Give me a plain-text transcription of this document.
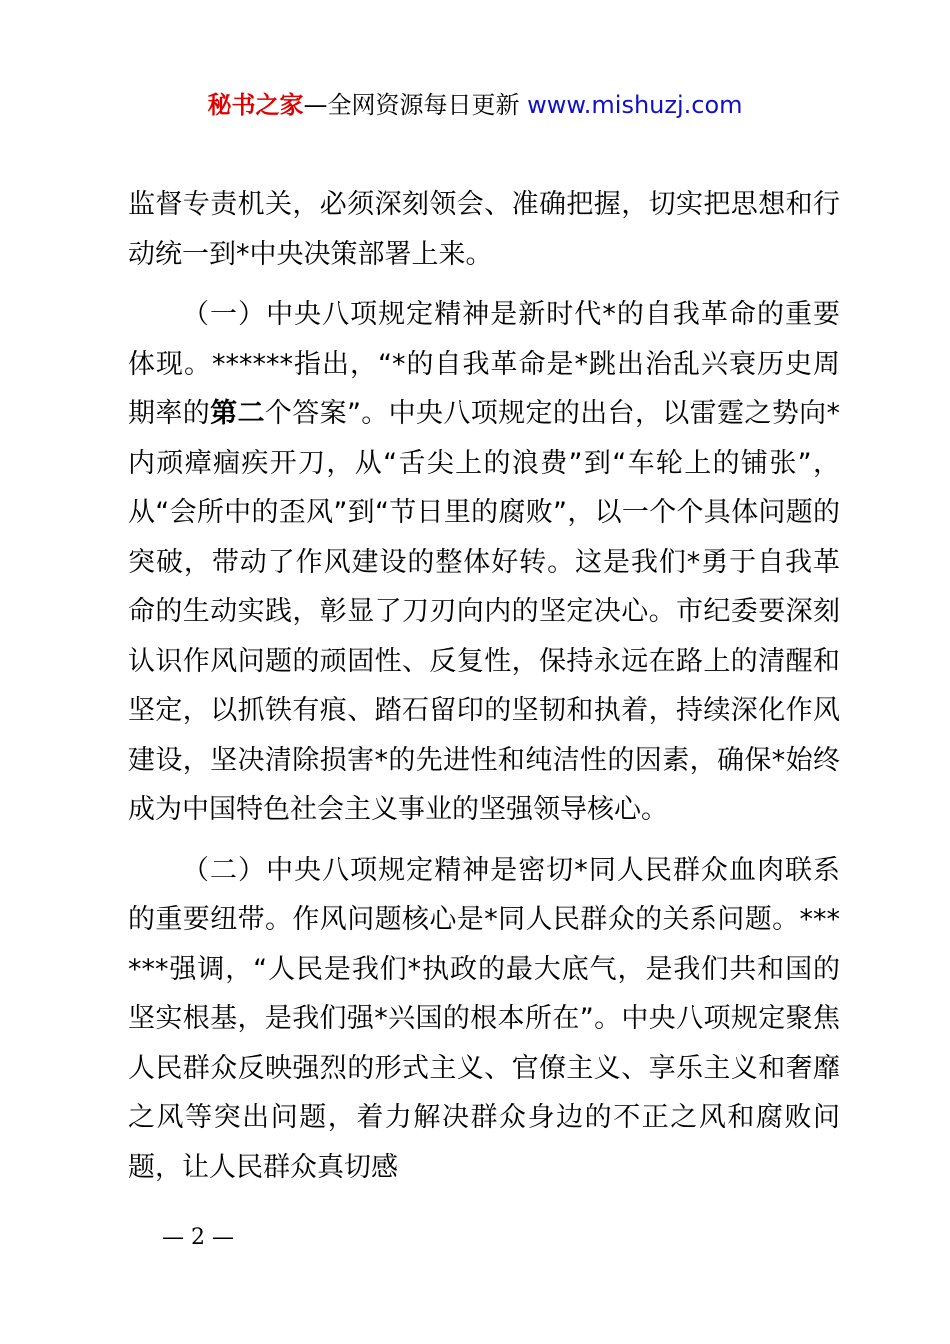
秘书之家—全网资源每日更新 www.mishuzj.com

监督专责机关，必须深刻领会、准确把握，切实把思想和行动统一到*中央决策部署上来。

（一）中央八项规定精神是新时代*的自我革命的重要体现。******指出，“*的自我革命是*跳出治乱兴衰历史周期率的第二个答案”。中央八项规定的出台，以雷霆之势向*内顽瘴痼疾开刀，从“舌尖上的浪费”到“车轮上的铺张”，从“会所中的歪风”到“节日里的腐败”，以一个个具体问题的突破，带动了作风建设的整体好转。这是我们*勇于自我革命的生动实践，彰显了刀刃向内的坚定决心。市纪委要深刻认识作风问题的顽固性、反复性，保持永远在路上的清醒和坚定，以抓铁有痕、踏石留印的坚韧和执着，持续深化作风建设，坚决清除损害*的先进性和纯洁性的因素，确保*始终成为中国特色社会主义事业的坚强领导核心。

（二）中央八项规定精神是密切*同人民群众血肉联系的重要纽带。作风问题核心是*同人民群众的关系问题。******强调，“人民是我们*执政的最大底气，是我们共和国的坚实根基，是我们强*兴国的根本所在”。中央八项规定聚焦人民群众反映强烈的形式主义、官僚主义、享乐主义和奢靡之风等突出问题，着力解决群众身边的不正之风和腐败问题，让人民群众真切感

— 2 —
